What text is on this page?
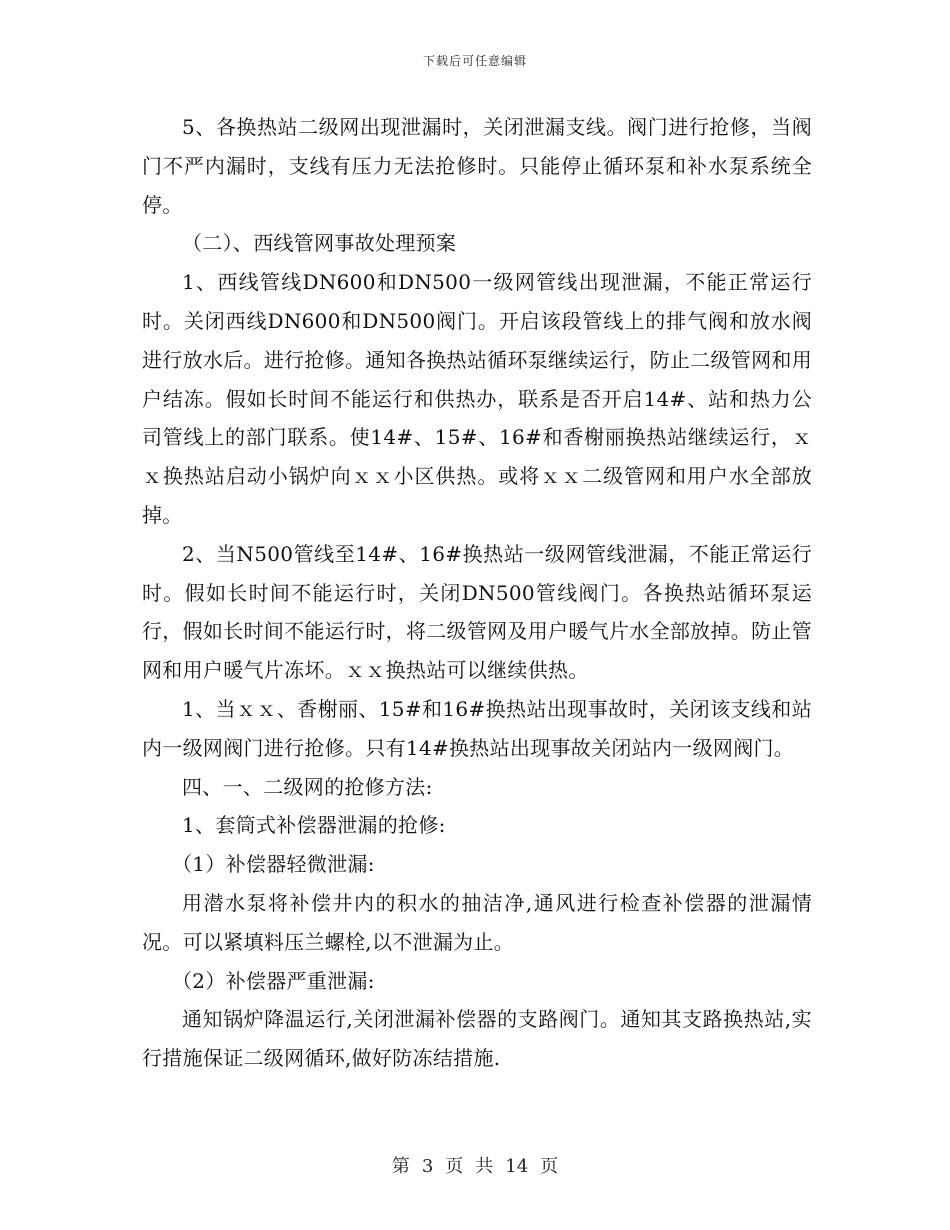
下载后可任意编辑

5、各换热站二级网出现泄漏时，关闭泄漏支线。阀门进行抢修，当阀门不严内漏时，支线有压力无法抢修时。只能停止循环泵和补水泵系统全停。

（二）、西线管网事故处理预案

1、西线管线DN600和DN500一级网管线出现泄漏，不能正常运行时。关闭西线DN600和DN500阀门。开启该段管线上的排气阀和放水阀进行放水后。进行抢修。通知各换热站循环泵继续运行，防止二级管网和用户结冻。假如长时间不能运行和供热办，联系是否开启14#、站和热力公司管线上的部门联系。使14#、15#、16#和香榭丽换热站继续运行，ｘｘ换热站启动小锅炉向ｘｘ小区供热。或将ｘｘ二级管网和用户水全部放掉。

2、当N500管线至14#、16#换热站一级网管线泄漏，不能正常运行时。假如长时间不能运行时，关闭DN500管线阀门。各换热站循环泵运行，假如长时间不能运行时，将二级管网及用户暖气片水全部放掉。防止管网和用户暖气片冻坏。ｘｘ换热站可以继续供热。

1、当ｘｘ、香榭丽、15#和16#换热站出现事故时，关闭该支线和站内一级网阀门进行抢修。只有14#换热站出现事故关闭站内一级网阀门。

四、一、二级网的抢修方法:

1、套筒式补偿器泄漏的抢修:

（1）补偿器轻微泄漏:

用潜水泵将补偿井内的积水的抽洁净,通风进行检查补偿器的泄漏情况。可以紧填料压兰螺栓,以不泄漏为止。

（2）补偿器严重泄漏:

通知锅炉降温运行,关闭泄漏补偿器的支路阀门。通知其支路换热站,实行措施保证二级网循环,做好防冻结措施.

第 3 页 共 14 页
